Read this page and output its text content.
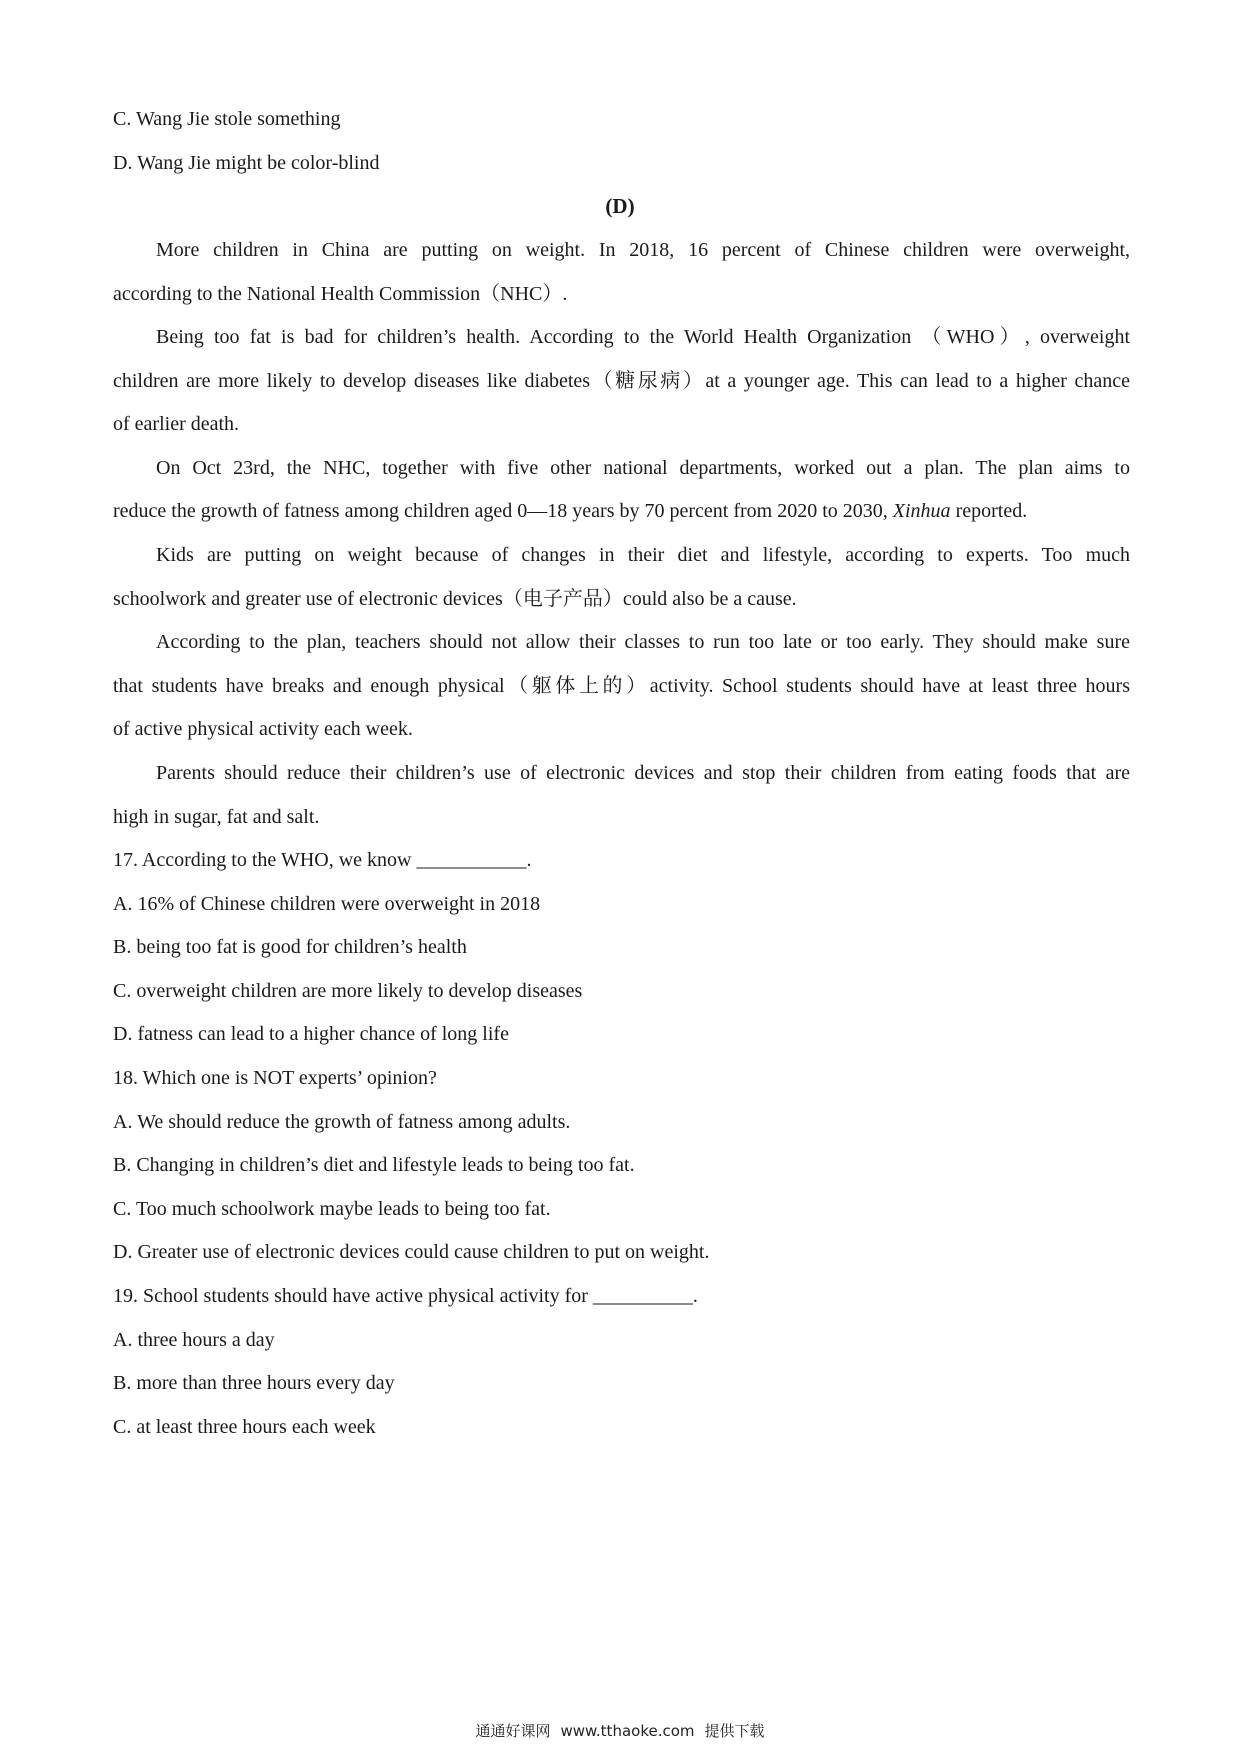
C. Wang Jie stole something
D. Wang Jie might be color-blind
(D)
More children in China are putting on weight. In 2018, 16 percent of Chinese children were overweight,
according to the National Health Commission（NHC）.
Being too fat is bad for children’s health. According to the World Health Organization （WHO）, overweight
children are more likely to develop diseases like diabetes（糖尿病）at a younger age. This can lead to a higher chance
of earlier death.
On Oct 23rd, the NHC, together with five other national departments, worked out a plan. The plan aims to
reduce the growth of fatness among children aged 0—18 years by 70 percent from 2020 to 2030, Xinhua reported.
Kids are putting on weight because of changes in their diet and lifestyle, according to experts. Too much
schoolwork and greater use of electronic devices（电子产品）could also be a cause.
According to the plan, teachers should not allow their classes to run too late or too early. They should make sure
that students have breaks and enough physical（躯体上的）activity. School students should have at least three hours
of active physical activity each week.
Parents should reduce their children’s use of electronic devices and stop their children from eating foods that are
high in sugar, fat and salt.
17. According to the WHO, we know ___________.
A. 16% of Chinese children were overweight in 2018
B. being too fat is good for children’s health
C. overweight children are more likely to develop diseases
D. fatness can lead to a higher chance of long life
18. Which one is NOT experts’ opinion?
A. We should reduce the growth of fatness among adults.
B. Changing in children’s diet and lifestyle leads to being too fat.
C. Too much schoolwork maybe leads to being too fat.
D. Greater use of electronic devices could cause children to put on weight.
19. School students should have active physical activity for __________.
A. three hours a day
B. more than three hours every day
C. at least three hours each week
通通好课网 www.tthaoke.com 提供下载
